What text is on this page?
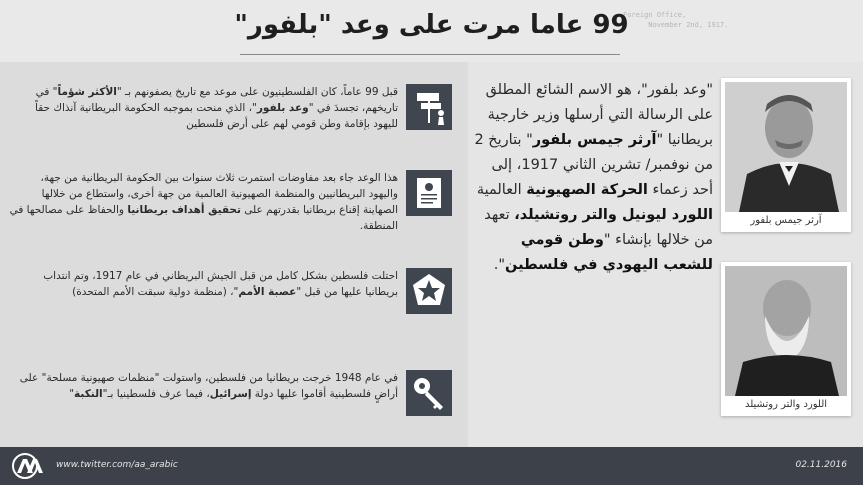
Foreign Office,
November 2nd, 1917.
99 عاما مرت على وعد "بلفور"
"وعد بلفور"، هو الاسم الشائع المطلق على الرسالة التي أرسلها وزير خارجية بريطانيا "آرثر جيمس بلفور" بتاريخ 2 من نوفمبر/ تشرين الثاني 1917، إلى أحد زعماء الحركة الصهيونية العالمية اللورد ليونيل والتر روتشيلد، تعهد من خلالها بإنشاء "وطن قومي للشعب اليهودي في فلسطين".
آرثر جيمس بلفور
اللورد والتر روتشيلد
قبل 99 عاماً، كان الفلسطينيون على موعد مع تاريخ يصفونهم بـ "الأكثر شؤماً" في تاريخهم، تجسدَ في "وعد بلفور"، الذي منحت بموجبه الحكومة البريطانية آنذاك حقاً لليهود بإقامة وطن قومي لهم على أرض فلسطين
هذا الوعد جاء بعد مفاوضات استمرت ثلاث سنوات بين الحكومة البريطانية من جهة، واليهود البريطانيين والمنظمة الصهيونية العالمية من جهة أخرى، واستطاع من خلالها الصهاينة إقناع بريطانيا بقدرتهم على تحقيق أهداف بريطانيا والحفاظ على مصالحها في المنطقة.
احتلت فلسطين بشكل كامل من قبل الجيش البريطاني في عام 1917، وتم انتداب بريطانيا عليها من قبل "عصبة الأمم"، (منظمة دولية سبقت الأمم المتحدة)
في عام 1948 خرجت بريطانيا من فلسطين، واستولت "منظمات صهيونية مسلحة" على أراضٍ فلسطينية أقاموا عليها دولة إسرائيل، فيما عرف فلسطينيا بـ"النكبة"
www.twitter.com/aa_arabic	02.11.2016
